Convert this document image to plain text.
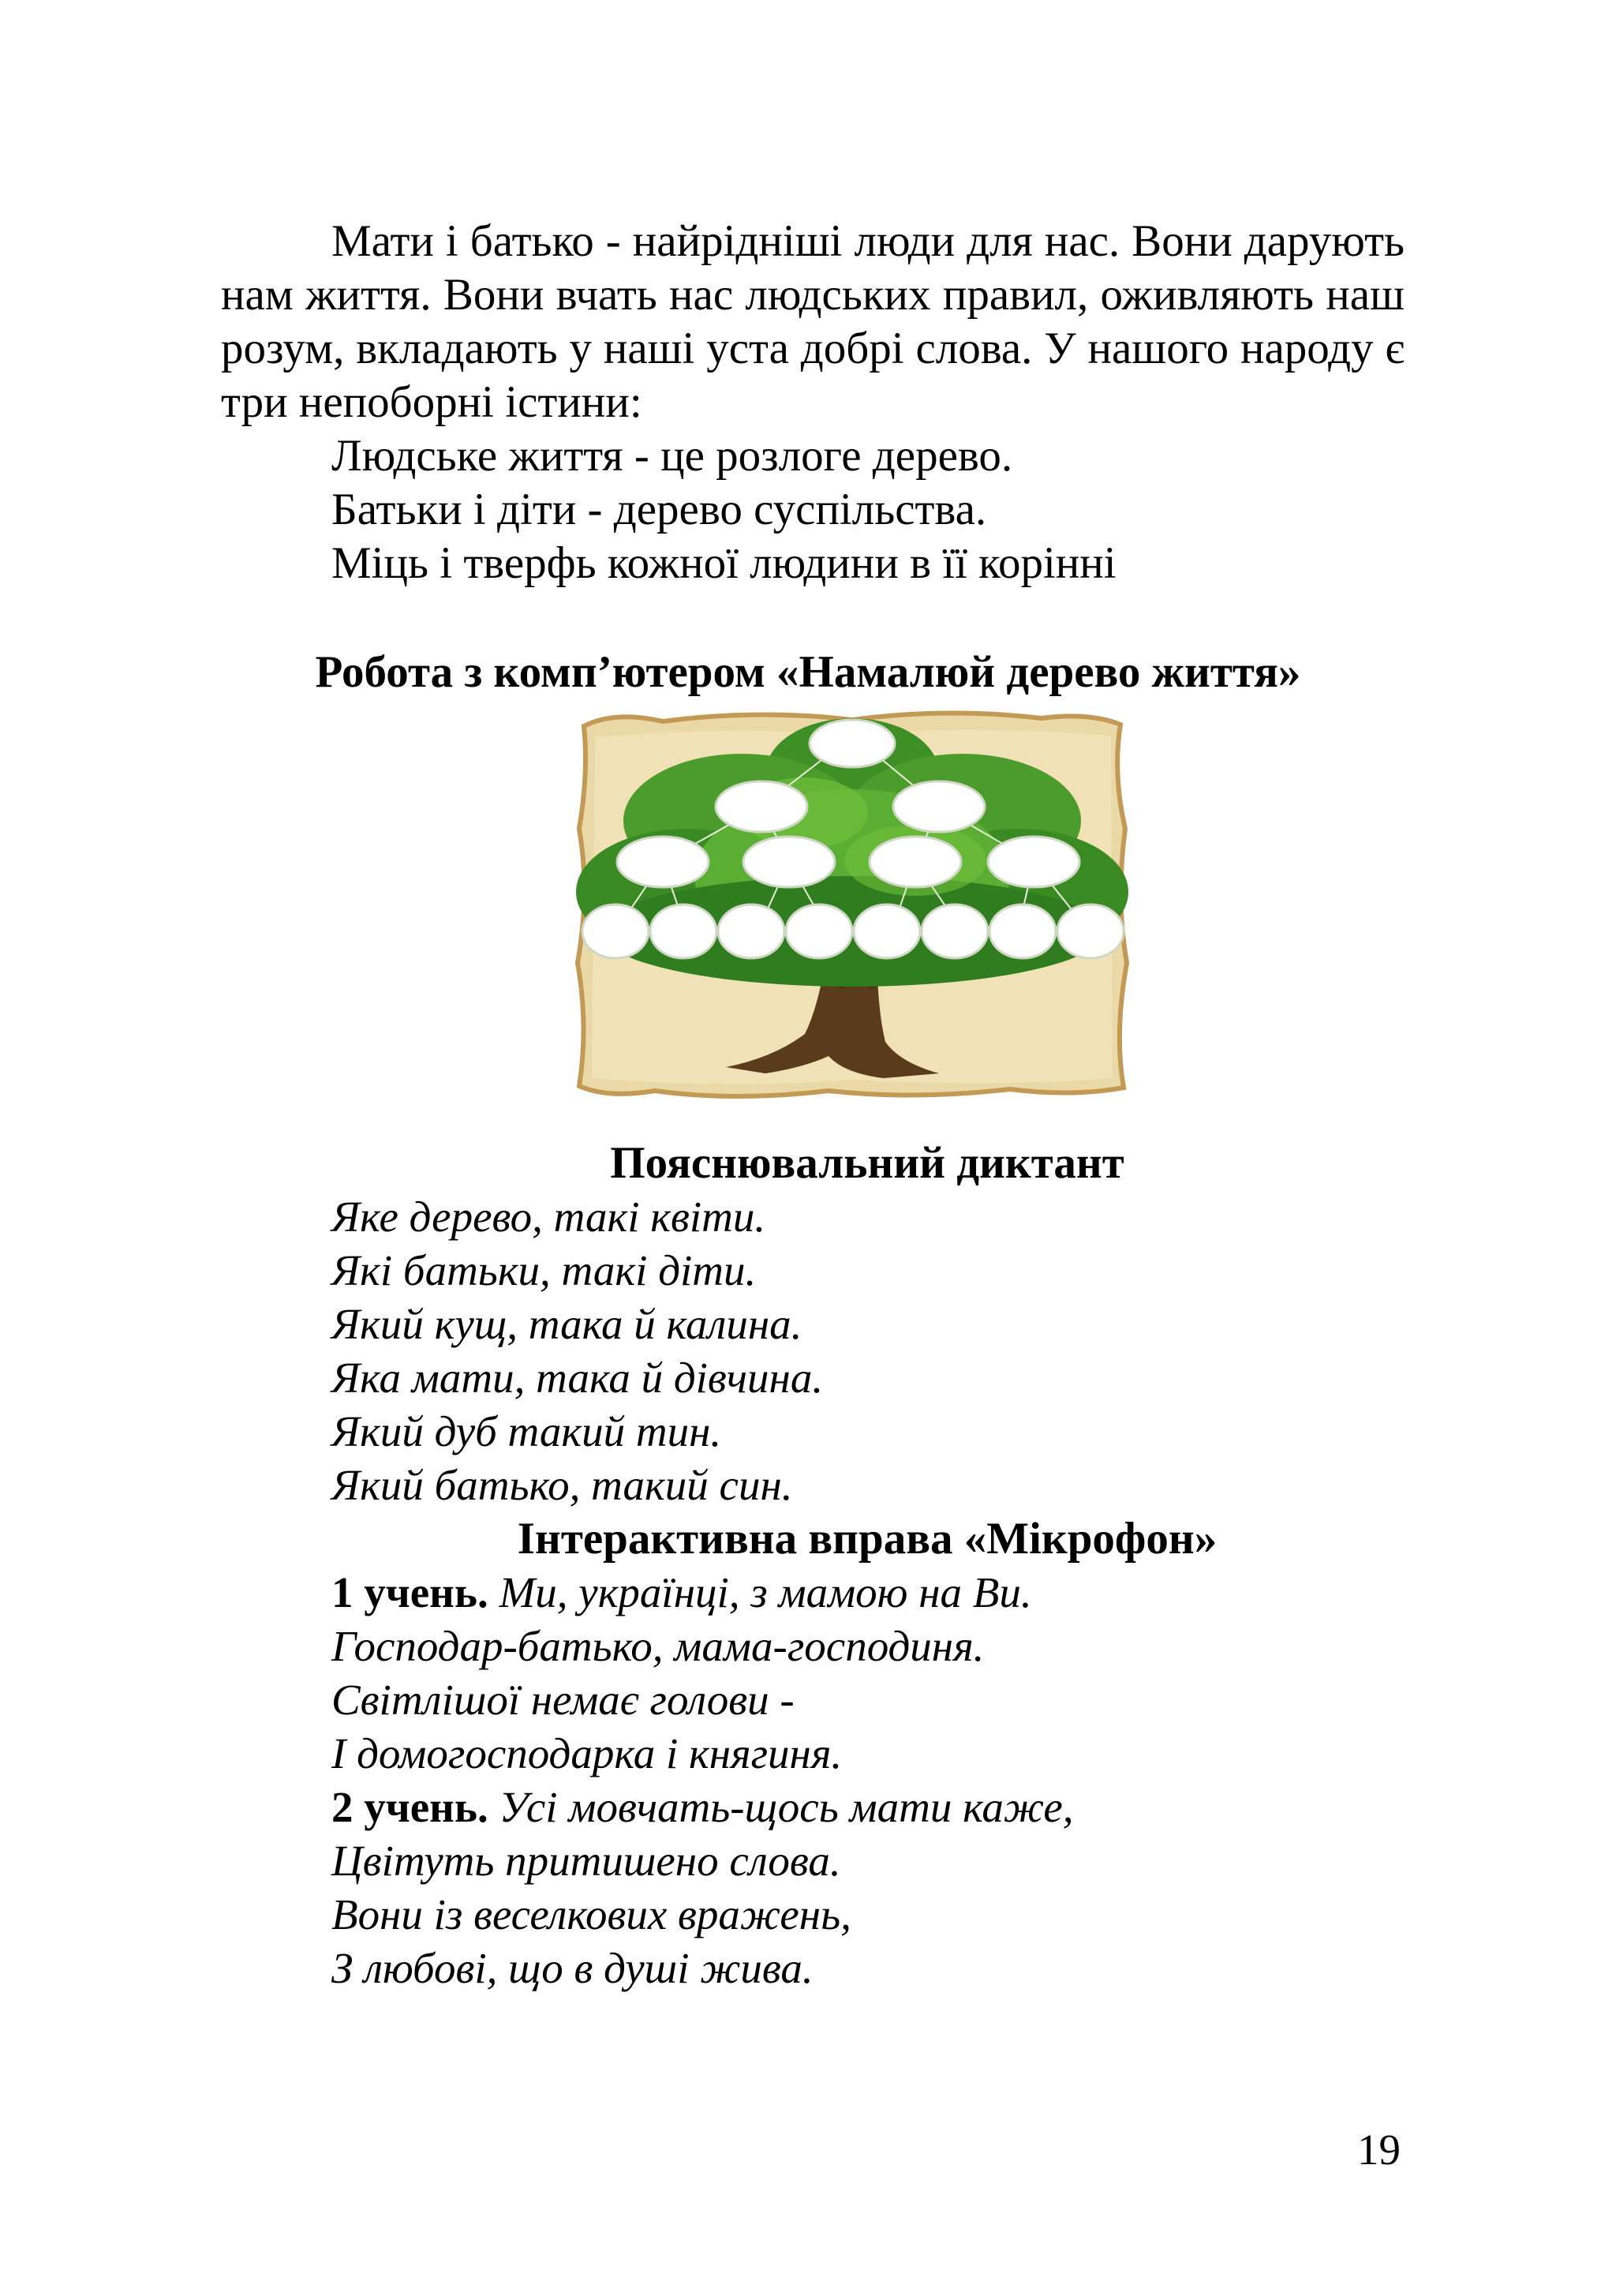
Мати і батько - найрідніші люди для нас. Вони дарують нам життя. Вони вчать нас людських правил, оживляють наш розум, вкладають у наші уста добрі слова. У нашого народу є три непоборні істини:

Людське життя - це розлоге дерево.
Батьки і діти - дерево суспільства.
Міць і тверфь кожної людини в її корінні
Робота з комп’ютером «Намалюй дерево життя»
Пояснювальний диктант
Яке дерево, такі квіти.
Які батьки, такі діти.
Який кущ, така й калина.
Яка мати, така й дівчина.
Який дуб такий тин.
Який батько, такий син.
Інтерактивна вправа «Мікрофон»
1 учень. Ми, українці, з мамою на Ви.
Господар-батько, мама-господиня.
Світлішої немає голови -
І домогосподарка і княгиня.
2 учень. Усі мовчать-щось мати каже,
Цвітуть притишено слова.
Вони із веселкових вражень,
З любові, що в душі жива.
19
